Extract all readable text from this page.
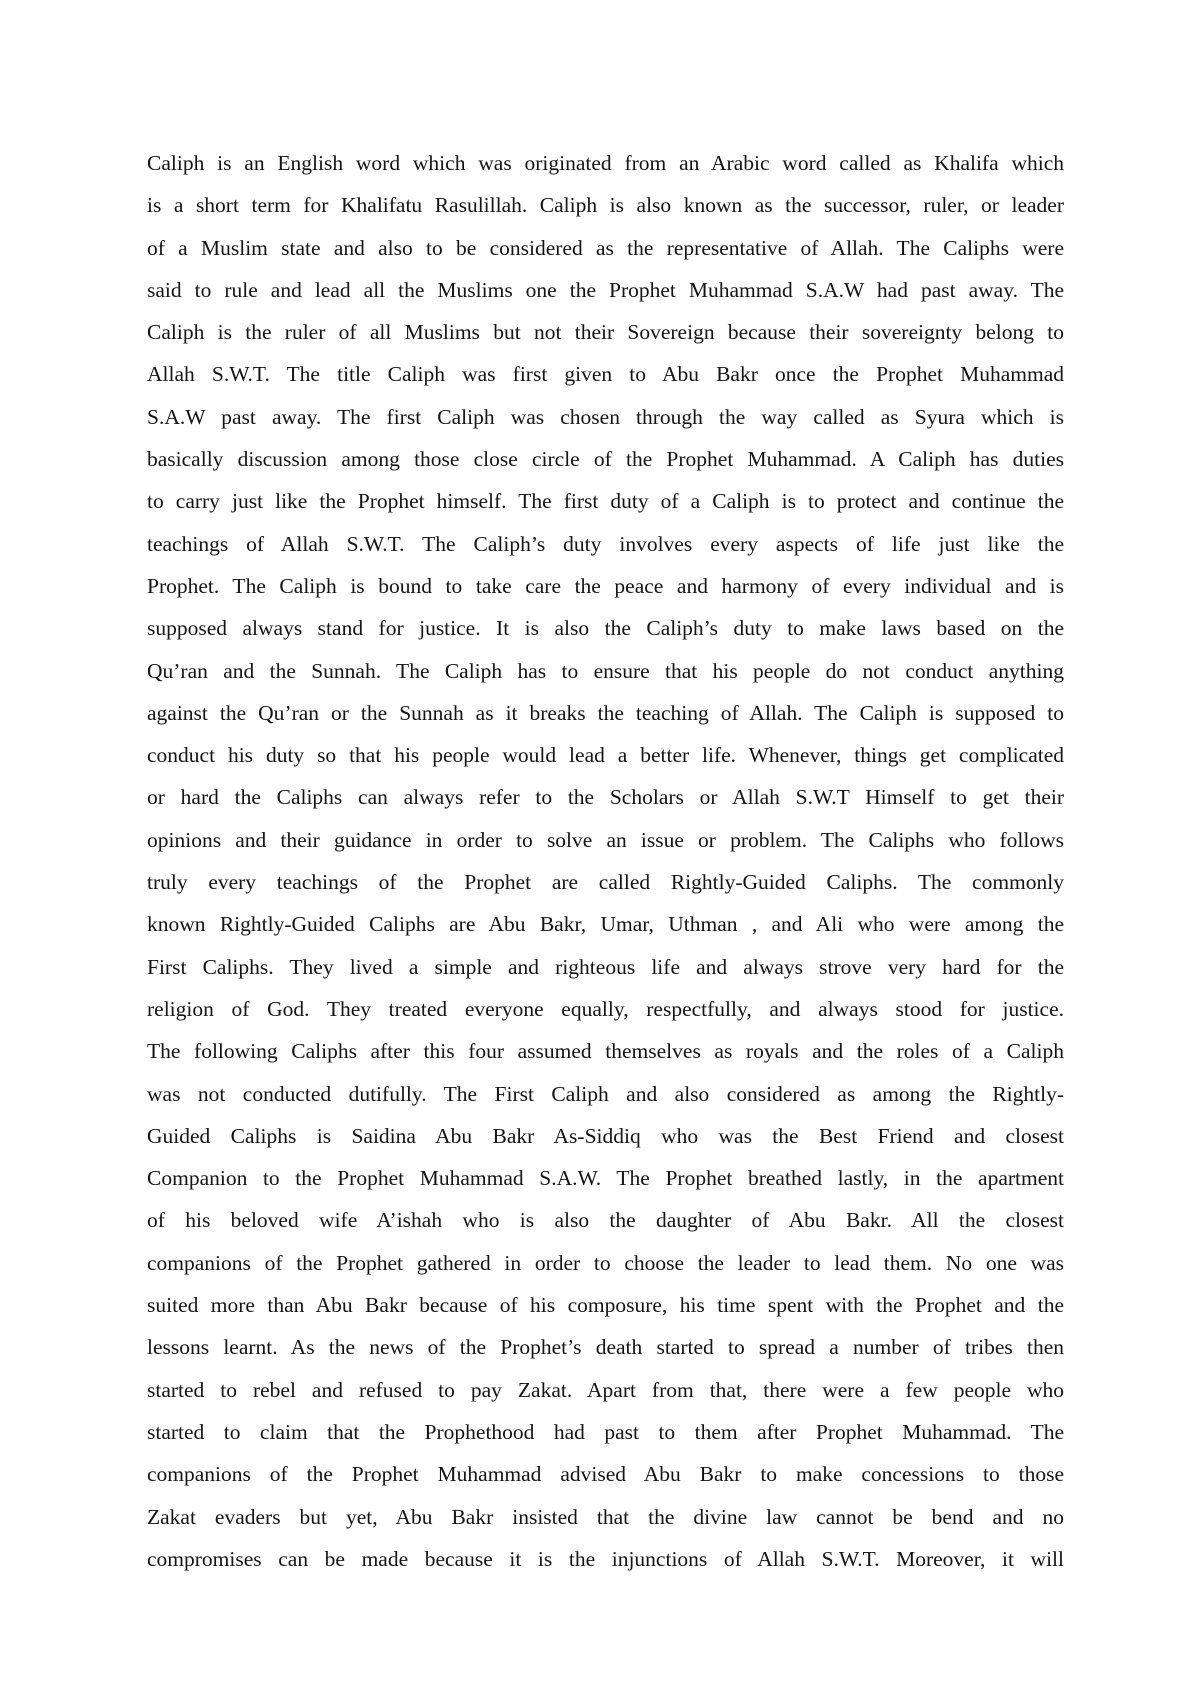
Caliph is an English word which was originated from an Arabic word called as Khalifa which
is a short term for Khalifatu Rasulillah. Caliph is also known as the successor, ruler, or leader
of a Muslim state and also to be considered as the representative of Allah. The Caliphs were
said to rule and lead all the Muslims one the Prophet Muhammad S.A.W had past away. The
Caliph is the ruler of all Muslims but not their Sovereign because their sovereignty belong to
Allah S.W.T. The title Caliph was first given to Abu Bakr once the Prophet Muhammad
S.A.W past away. The first Caliph was chosen through the way called as Syura which is
basically discussion among those close circle of the Prophet Muhammad. A Caliph has duties
to carry just like the Prophet himself. The first duty of a Caliph is to protect and continue the
teachings of Allah S.W.T. The Caliph’s duty involves every aspects of life just like the
Prophet. The Caliph is bound to take care the peace and harmony of every individual and is
supposed always stand for justice. It is also the Caliph’s duty to make laws based on the
Qu’ran and the Sunnah. The Caliph has to ensure that his people do not conduct anything
against the Qu’ran or the Sunnah as it breaks the teaching of Allah. The Caliph is supposed to
conduct his duty so that his people would lead a better life. Whenever, things get complicated
or hard the Caliphs can always refer to the Scholars or Allah S.W.T Himself to get their
opinions and their guidance in order to solve an issue or problem. The Caliphs who follows
truly every teachings of the Prophet are called Rightly-Guided Caliphs. The commonly
known Rightly-Guided Caliphs are Abu Bakr, Umar, Uthman , and Ali who were among the
First Caliphs. They lived a simple and righteous life and always strove very hard for the
religion of God. They treated everyone equally, respectfully, and always stood for justice.
The following Caliphs after this four assumed themselves as royals and the roles of a Caliph
was not conducted dutifully. The First Caliph and also considered as among the Rightly-
Guided Caliphs is Saidina Abu Bakr As-Siddiq who was the Best Friend and closest
Companion to the Prophet Muhammad S.A.W. The Prophet breathed lastly, in the apartment
of his beloved wife A’ishah who is also the daughter of Abu Bakr. All the closest
companions of the Prophet gathered in order to choose the leader to lead them. No one was
suited more than Abu Bakr because of his composure, his time spent with the Prophet and the
lessons learnt. As the news of the Prophet’s death started to spread a number of tribes then
started to rebel and refused to pay Zakat. Apart from that, there were a few people who
started to claim that the Prophethood had past to them after Prophet Muhammad. The
companions of the Prophet Muhammad advised Abu Bakr to make concessions to those
Zakat evaders but yet, Abu Bakr insisted that the divine law cannot be bend and no
compromises can be made because it is the injunctions of Allah S.W.T. Moreover, it will
